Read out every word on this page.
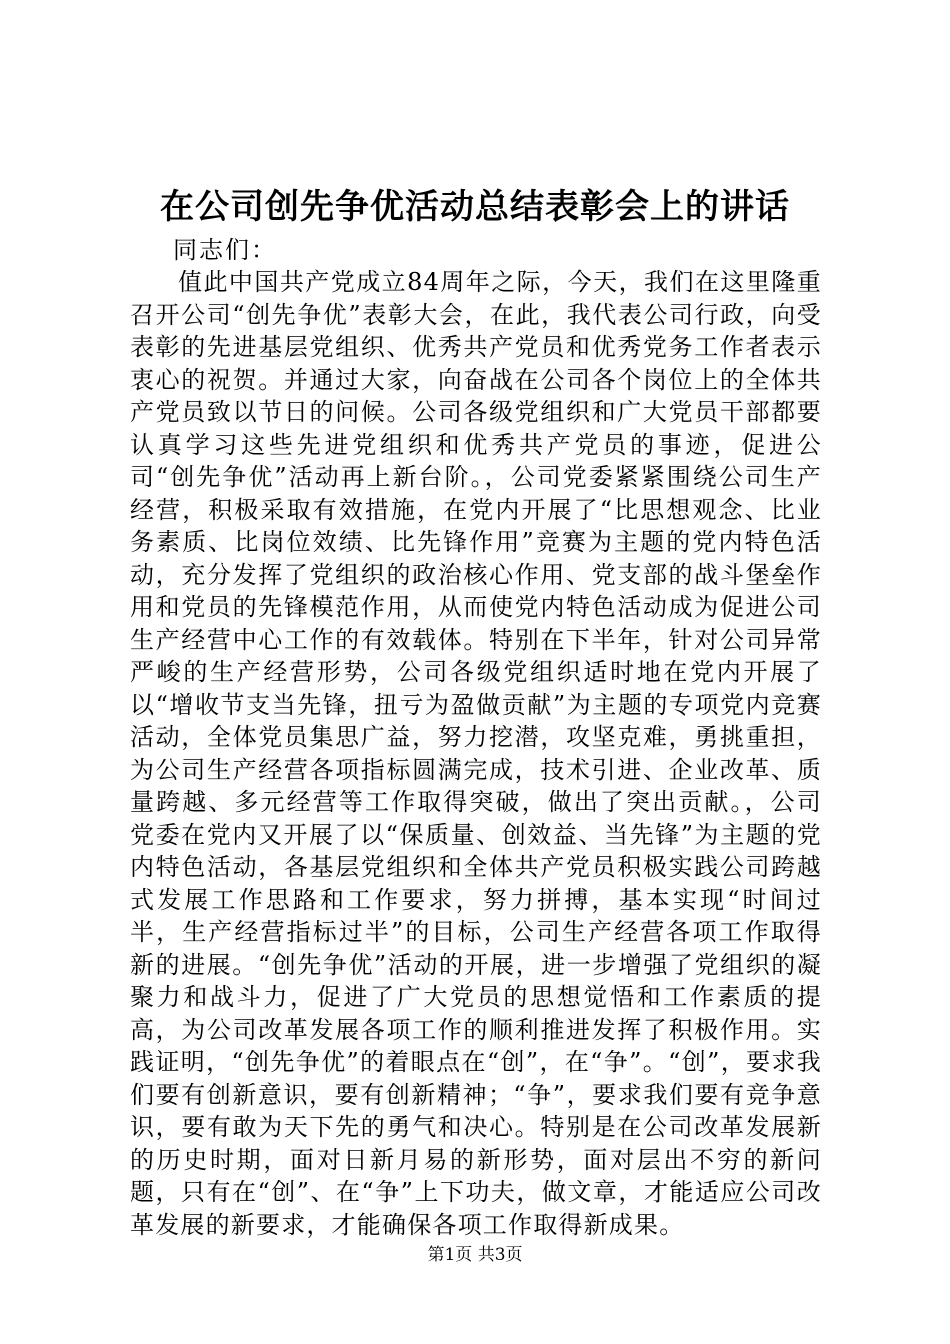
在公司创先争优活动总结表彰会上的讲话

同志们：

值此中国共产党成立84周年之际，今天，我们在这里隆重召开公司“创先争优”表彰大会，在此，我代表公司行政，向受表彰的先进基层党组织、优秀共产党员和优秀党务工作者表示衷心的祝贺。并通过大家，向奋战在公司各个岗位上的全体共产党员致以节日的问候。公司各级党组织和广大党员干部都要认真学习这些先进党组织和优秀共产党员的事迹，促进公司“创先争优”活动再上新台阶。，公司党委紧紧围绕公司生产经营，积极采取有效措施，在党内开展了“比思想观念、比业务素质、比岗位效绩、比先锋作用”竞赛为主题的党内特色活动，充分发挥了党组织的政治核心作用、党支部的战斗堡垒作用和党员的先锋模范作用，从而使党内特色活动成为促进公司生产经营中心工作的有效载体。特别在下半年，针对公司异常严峻的生产经营形势，公司各级党组织适时地在党内开展了以“增收节支当先锋，扭亏为盈做贡献”为主题的专项党内竞赛活动，全体党员集思广益，努力挖潜，攻坚克难，勇挑重担，为公司生产经营各项指标圆满完成，技术引进、企业改革、质量跨越、多元经营等工作取得突破，做出了突出贡献。，公司党委在党内又开展了以“保质量、创效益、当先锋”为主题的党内特色活动，各基层党组织和全体共产党员积极实践公司跨越式发展工作思路和工作要求，努力拼搏，基本实现“时间过半，生产经营指标过半”的目标，公司生产经营各项工作取得新的进展。“创先争优”活动的开展，进一步增强了党组织的凝聚力和战斗力，促进了广大党员的思想觉悟和工作素质的提高，为公司改革发展各项工作的顺利推进发挥了积极作用。实践证明，“创先争优”的着眼点在“创”，在“争”。“创”，要求我们要有创新意识，要有创新精神；“争”，要求我们要有竞争意识，要有敢为天下先的勇气和决心。特别是在公司改革发展新的历史时期，面对日新月易的新形势，面对层出不穷的新问题，只有在“创”、在“争”上下功夫，做文章，才能适应公司改革发展的新要求，才能确保各项工作取得新成果。

第1页 共3页
